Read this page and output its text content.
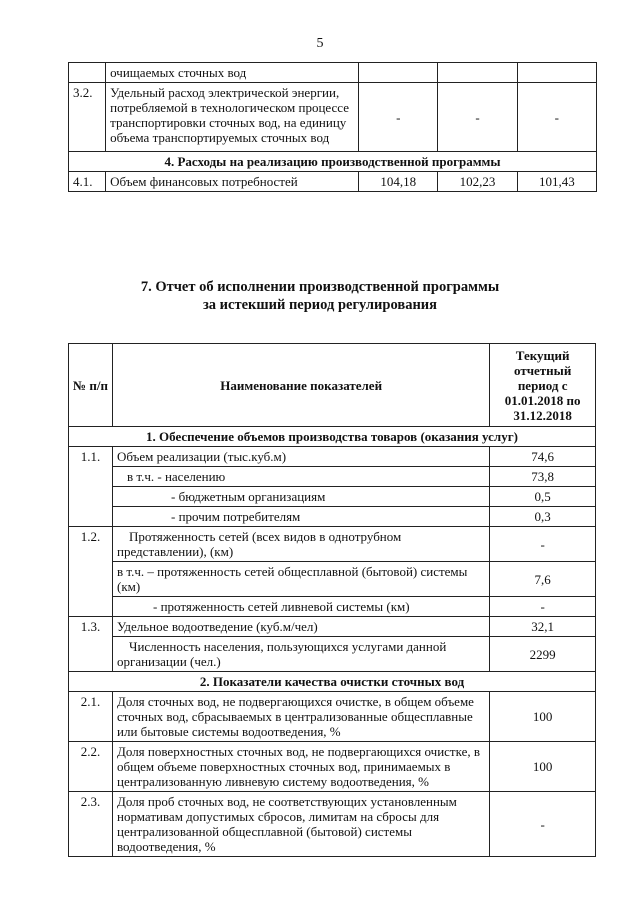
5
	очищаемых сточных вод			
3.2.	Удельный расход электрической энергии, потребляемой в технологическом процессе транспортировки сточных вод, на единицу объема транспортируемых сточных вод	-	-	-
4. Расходы на реализацию производственной программы				
4.1.	Объем финансовых потребностей	104,18	102,23	101,43
7. Отчет об исполнении производственной программы
за истекший период регулирования
№ п/п	Наименование показателей	Текущий отчетный период с 01.01.2018 по 31.12.2018
1. Обеспечение объемов производства товаров (оказания услуг)		
1.1.	Объем реализации (тыс.куб.м)	74,6
	в т.ч. - населению	73,8
	- бюджетным организациям	0,5
	- прочим потребителям	0,3
1.2.	Протяженность сетей (всех видов в однотрубном представлении), (км)	-
	в т.ч. – протяженность сетей общесплавной (бытовой) системы (км)	7,6
	- протяженность сетей ливневой системы (км)	-
1.3.	Удельное водоотведение (куб.м/чел)	32,1
	Численность населения, пользующихся услугами данной организации (чел.)	2299
2. Показатели качества очистки сточных вод		
2.1.	Доля сточных вод, не подвергающихся очистке, в общем объеме сточных вод, сбрасываемых в централизованные общесплавные или бытовые системы водоотведения, %	100
2.2.	Доля поверхностных сточных вод, не подвергающихся очистке, в общем объеме поверхностных сточных вод, принимаемых в централизованную ливневую систему водоотведения, %	100
2.3.	Доля проб сточных вод, не соответствующих установленным нормативам допустимых сбросов, лимитам на сбросы для централизованной общесплавной (бытовой) системы водоотведения, %	-
